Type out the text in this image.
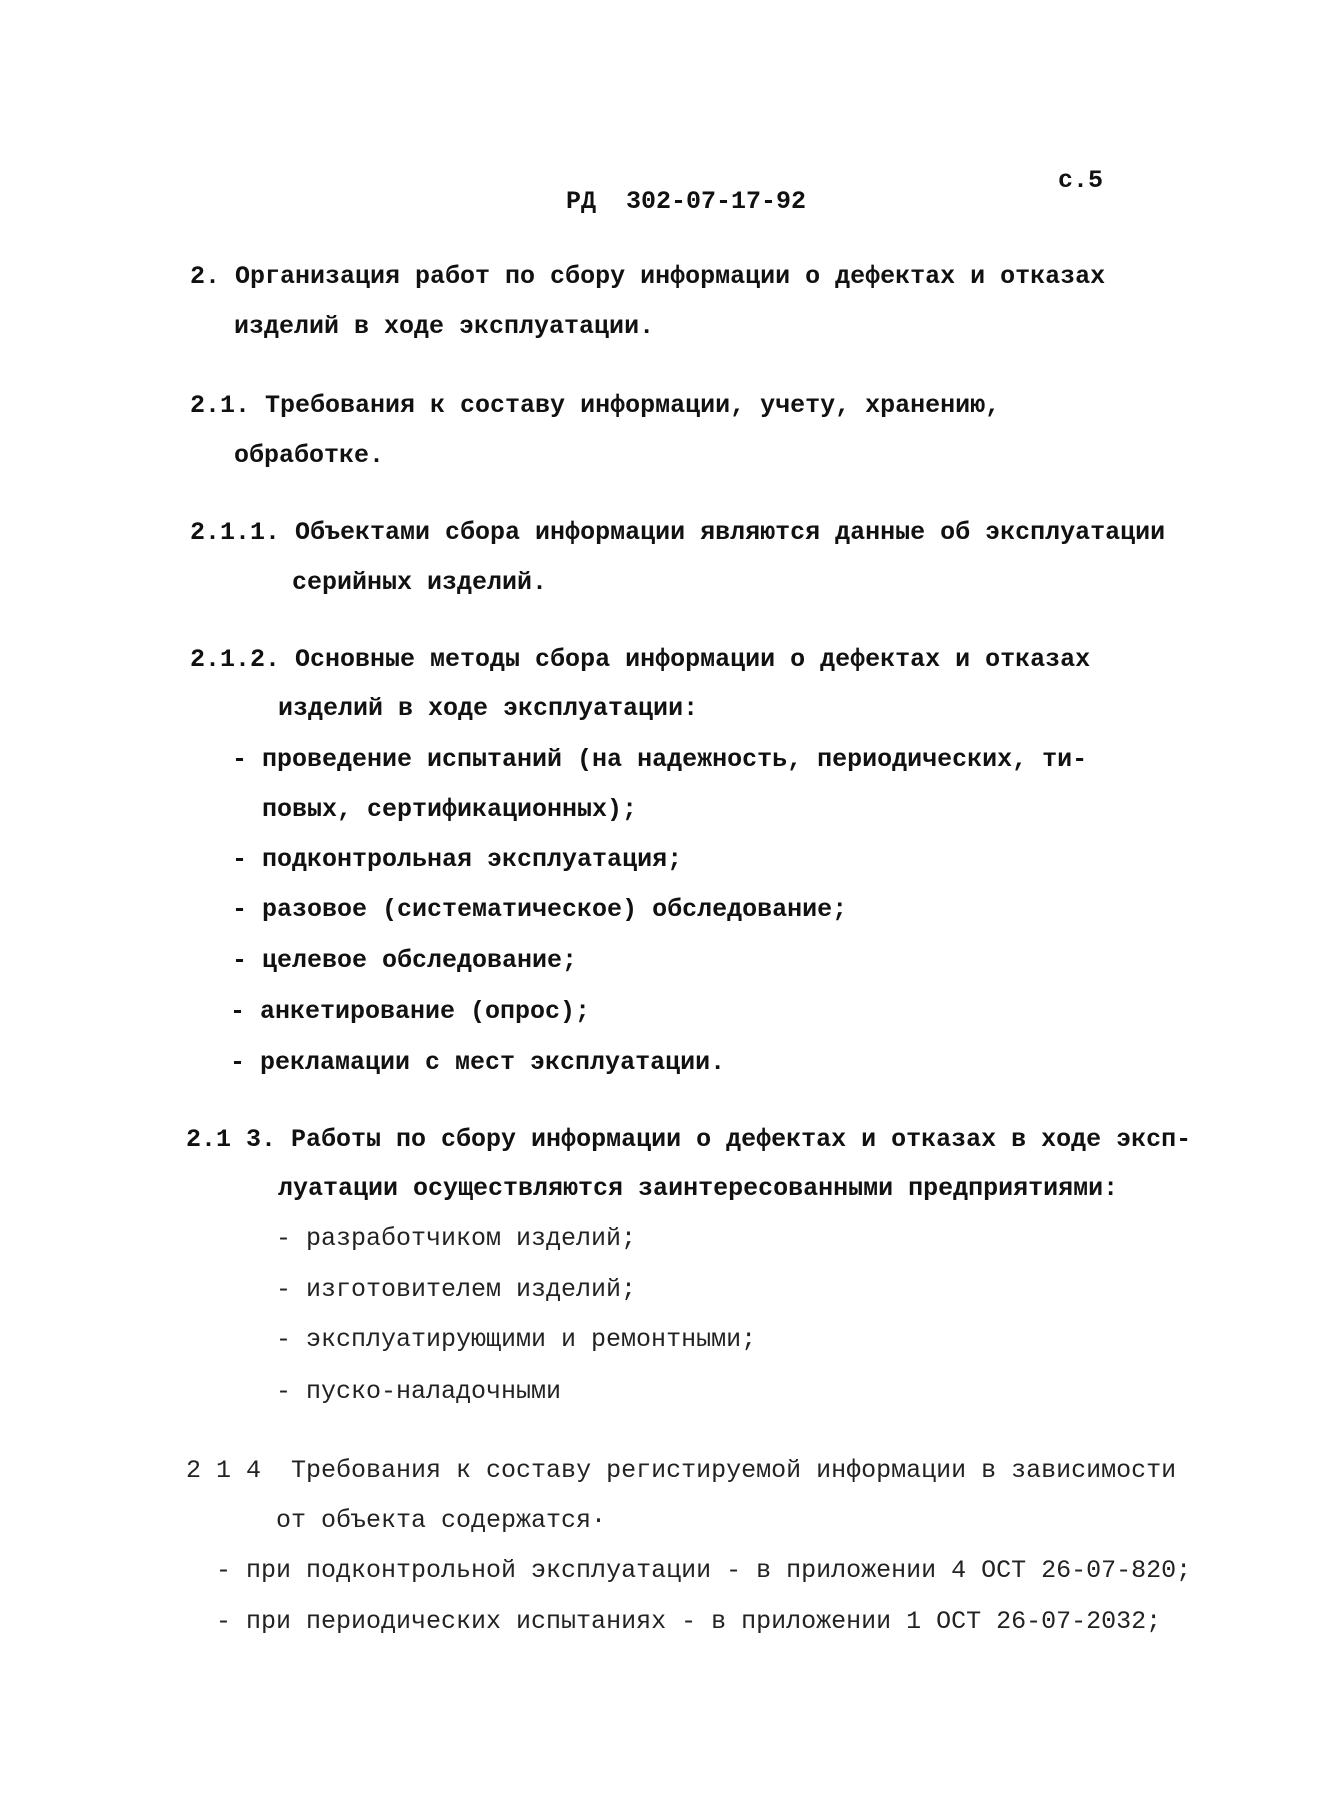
РД  302-07-17-92
с.5
2. Организация работ по сбору информации о дефектах и отказах
изделий в ходе эксплуатации.
2.1. Требования к составу информации, учету, хранению,
обработке.
2.1.1. Объектами сбора информации являются данные об эксплуатации
серийных изделий.
2.1.2. Основные методы сбора информации о дефектах и отказах
изделий в ходе эксплуатации:
- проведение испытаний (на надежность, периодических, ти-
повых, сертификационных);
- подконтрольная эксплуатация;
- разовое (систематическое) обследование;
- целевое обследование;
- анкетирование (опрос);
- рекламации с мест эксплуатации.
2.1 3. Работы по сбору информации о дефектах и отказах в ходе эксп-
луатации осуществляются заинтересованными предприятиями:
- разработчиком изделий;
- изготовителем изделий;
- эксплуатирующими и ремонтными;
- пуско-наладочными
2 1 4  Требования к составу регистируемой информации в зависимости
от объекта содержатся·
- при подконтрольной эксплуатации - в приложении 4 ОСТ 26-07-820;
- при периодических испытаниях - в приложении 1 ОСТ 26-07-2032;
